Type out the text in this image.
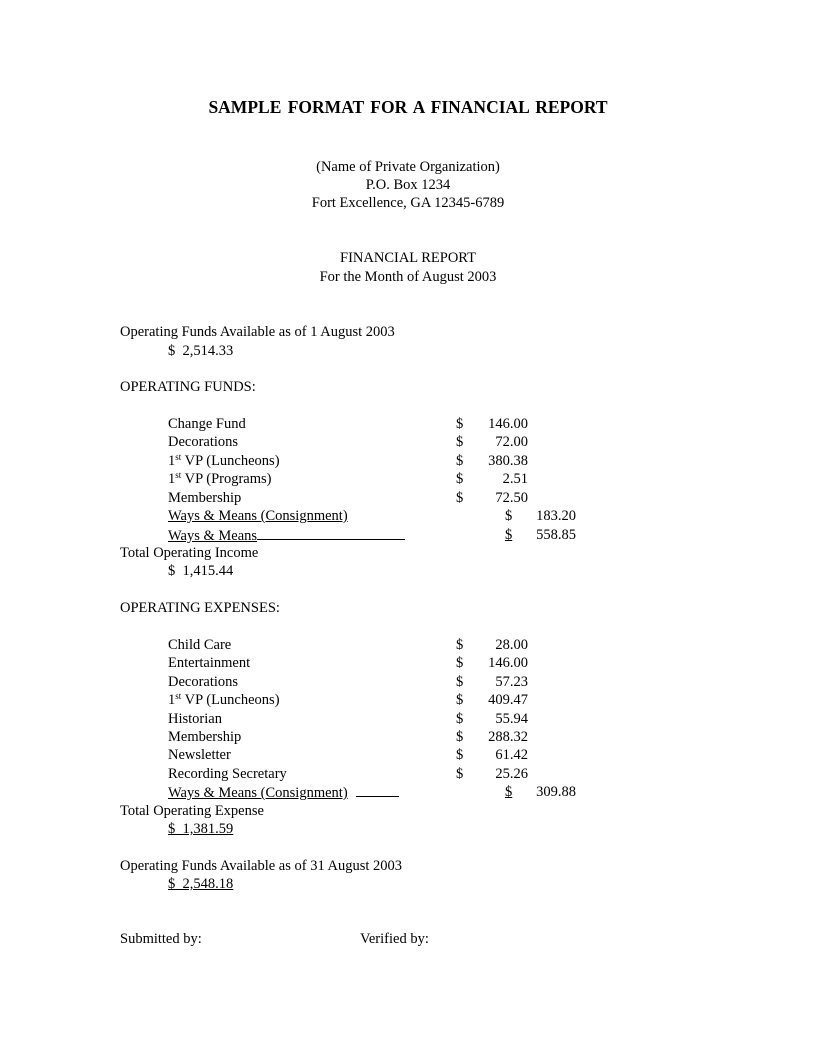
SAMPLE FORMAT FOR A FINANCIAL REPORT
(Name of Private Organization)
P.O. Box 1234
Fort Excellence, GA 12345-6789
FINANCIAL REPORT
For the Month of August 2003
Operating Funds Available as of 1 August 2003
$  2,514.33
OPERATING FUNDS:
Change Fund	$	146.00
Decorations	$	72.00
1st VP (Luncheons)	$	380.38
1st VP (Programs)	$	2.51
Membership	$	72.50
Ways & Means (Consignment)	$	183.20
Ways & Means	$ 558.85
Total Operating Income
$  1,415.44
OPERATING EXPENSES:
Child Care	$	28.00
Entertainment	$	146.00
Decorations	$	57.23
1st VP (Luncheons)	$	409.47
Historian	$	55.94
Membership	$	288.32
Newsletter	$	61.42
Recording Secretary	$	25.26
Ways & Means (Consignment)	$ 309.88
Total Operating Expense
$  1,381.59
Operating Funds Available as of 31 August 2003
$  2,548.18
Submitted by:	Verified by:
